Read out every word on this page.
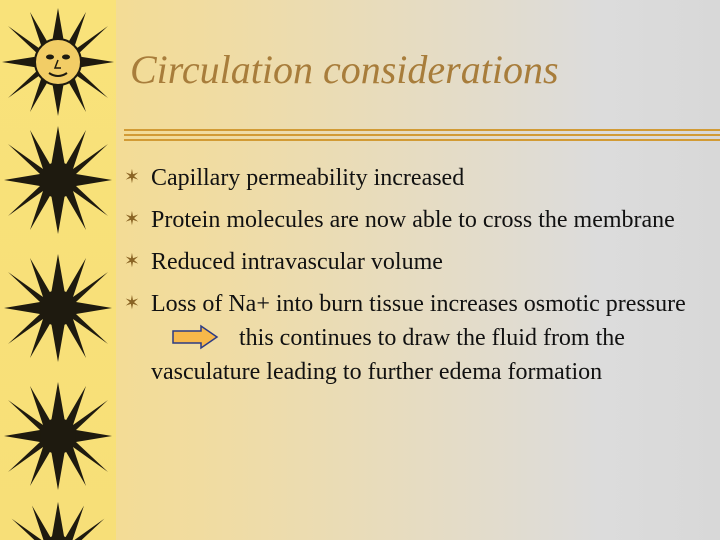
Circulation considerations
✶ Capillary permeability increased
✶ Protein molecules are now able to cross the membrane
✶ Reduced intravascular volume
✶ Loss of Na+ into burn tissue increases osmotic pressurethis continues to draw the fluid from the vasculature leading to further edema formation
